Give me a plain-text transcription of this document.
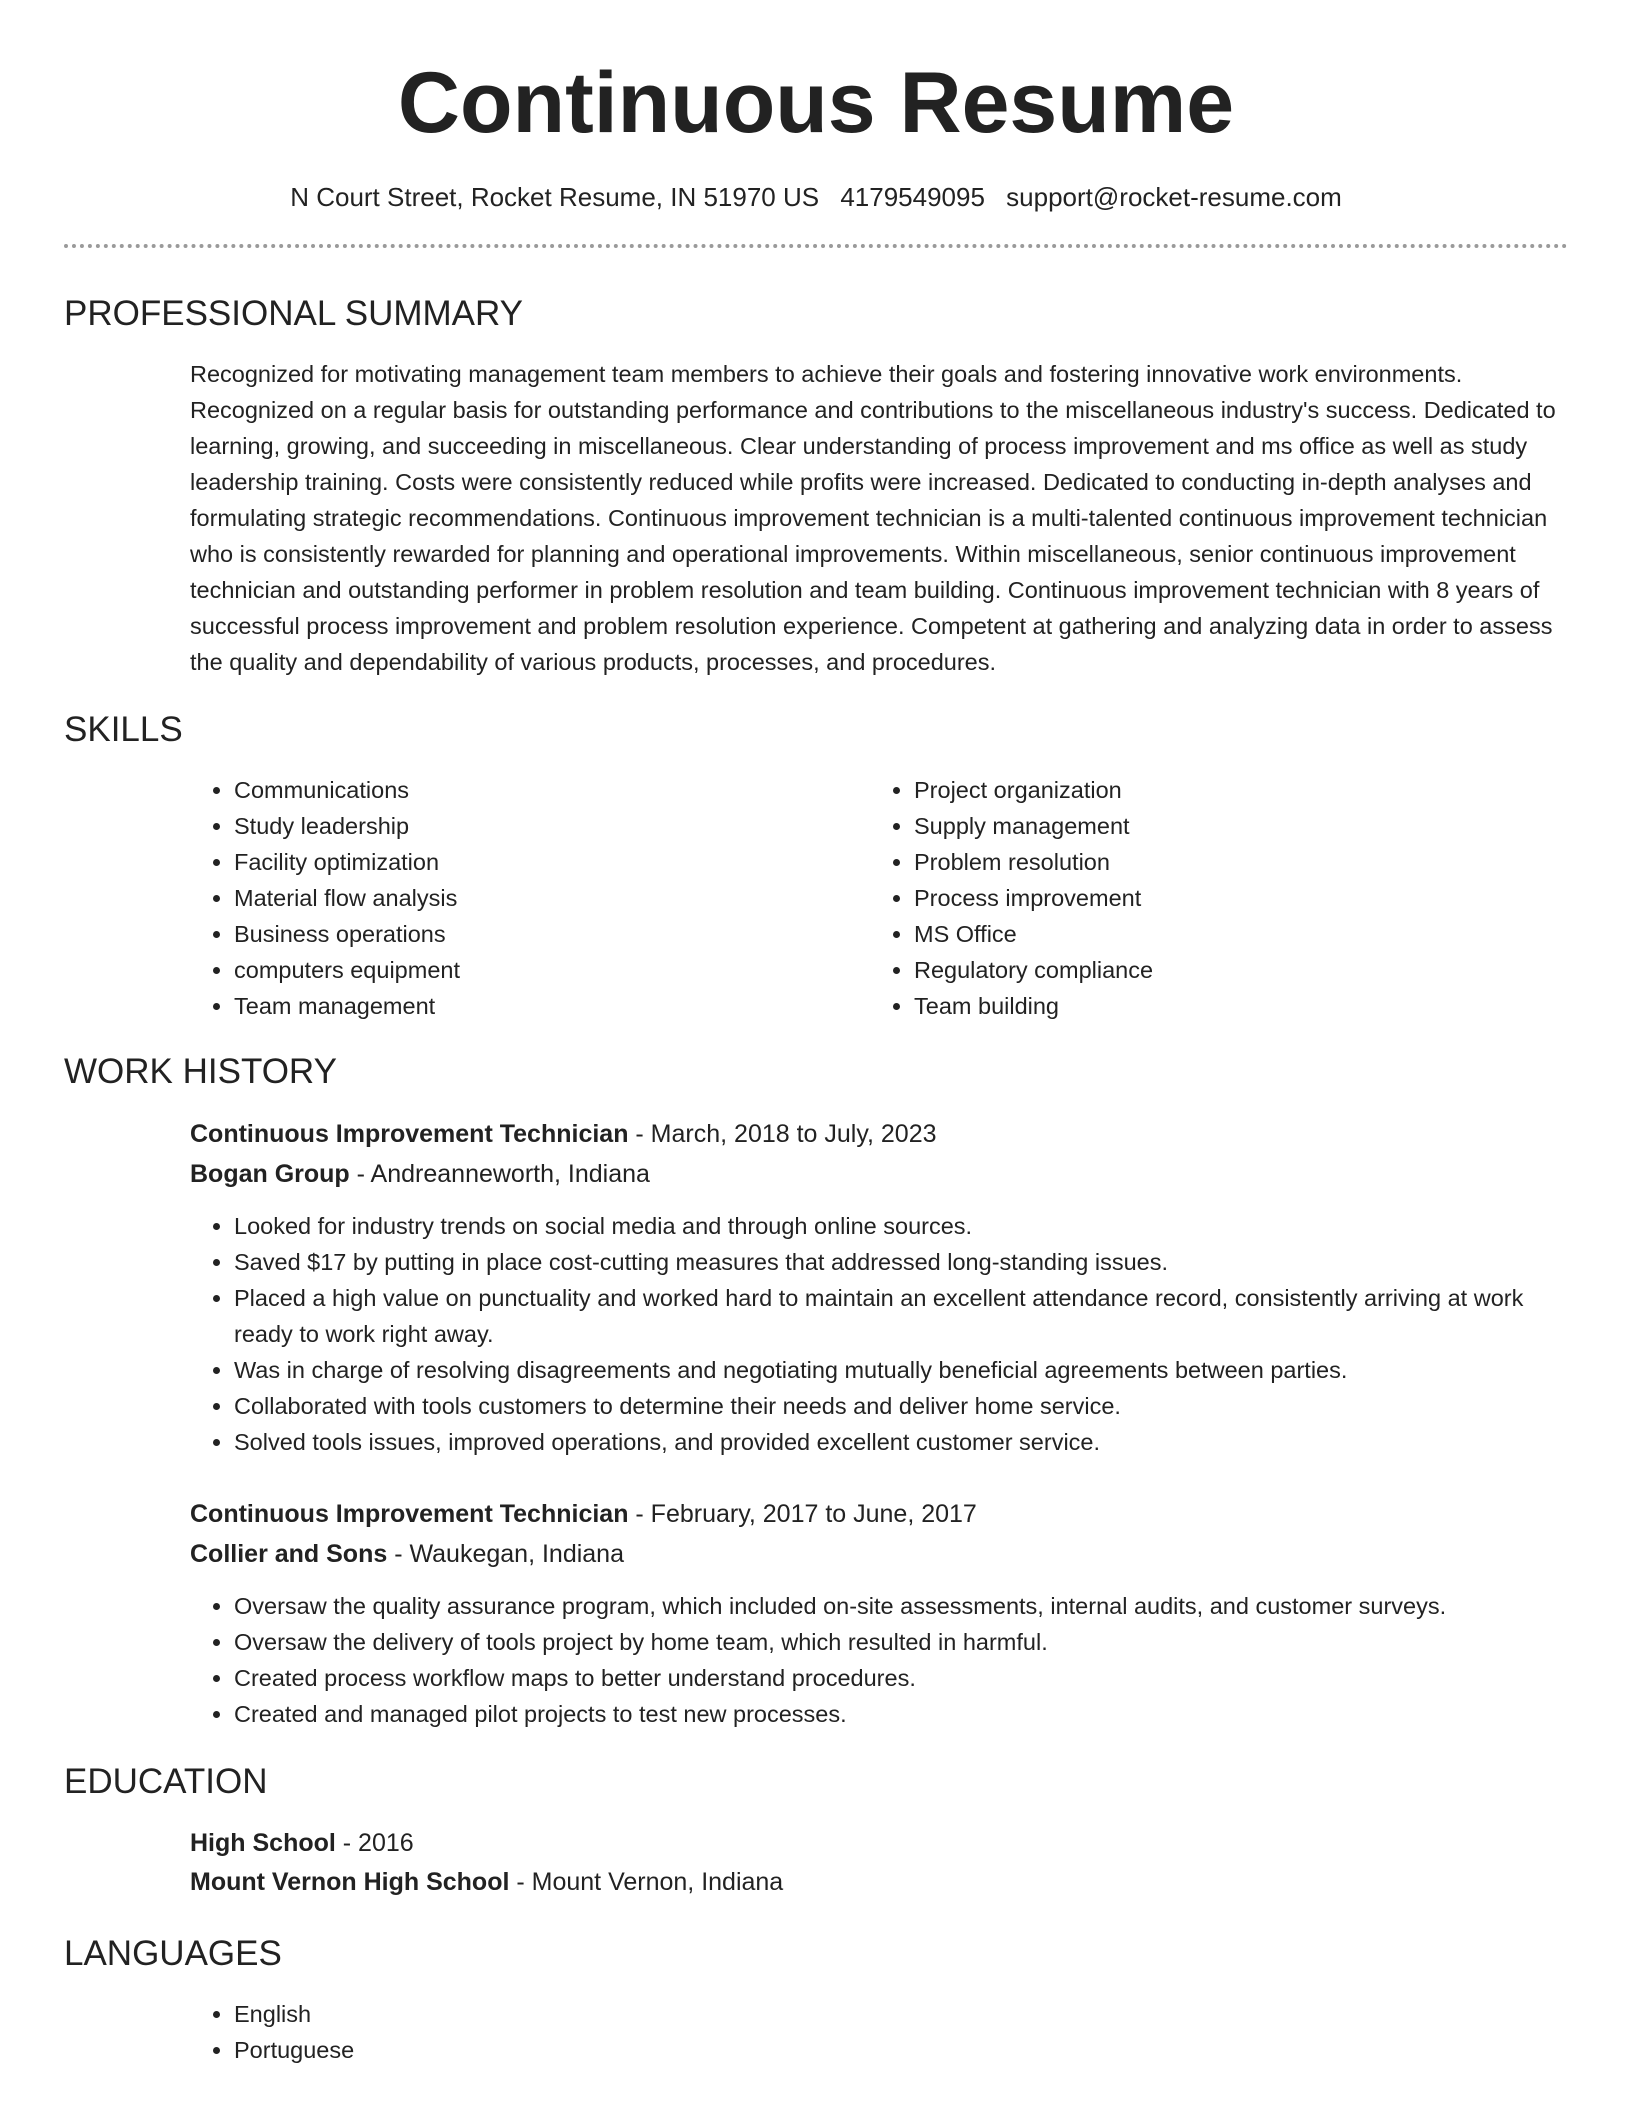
Continuous Resume
N Court Street, Rocket Resume, IN 51970 US 4179549095 support@rocket-resume.com
PROFESSIONAL SUMMARY
Recognized for motivating management team members to achieve their goals and fostering innovative work environments. Recognized on a regular basis for outstanding performance and contributions to the miscellaneous industry's success. Dedicated to learning, growing, and succeeding in miscellaneous. Clear understanding of process improvement and ms office as well as study leadership training. Costs were consistently reduced while profits were increased. Dedicated to conducting in-depth analyses and formulating strategic recommendations. Continuous improvement technician is a multi-talented continuous improvement technician who is consistently rewarded for planning and operational improvements. Within miscellaneous, senior continuous improvement technician and outstanding performer in problem resolution and team building. Continuous improvement technician with 8 years of successful process improvement and problem resolution experience. Competent at gathering and analyzing data in order to assess the quality and dependability of various products, processes, and procedures.
SKILLS
• Communications
• Study leadership
• Facility optimization
• Material flow analysis
• Business operations
• computers equipment
• Team management
• Project organization
• Supply management
• Problem resolution
• Process improvement
• MS Office
• Regulatory compliance
• Team building
WORK HISTORY
Continuous Improvement Technician - March, 2018 to July, 2023
Bogan Group - Andreanneworth, Indiana
• Looked for industry trends on social media and through online sources.
• Saved $17 by putting in place cost-cutting measures that addressed long-standing issues.
• Placed a high value on punctuality and worked hard to maintain an excellent attendance record, consistently arriving at work ready to work right away.
• Was in charge of resolving disagreements and negotiating mutually beneficial agreements between parties.
• Collaborated with tools customers to determine their needs and deliver home service.
• Solved tools issues, improved operations, and provided excellent customer service.
Continuous Improvement Technician - February, 2017 to June, 2017
Collier and Sons - Waukegan, Indiana
• Oversaw the quality assurance program, which included on-site assessments, internal audits, and customer surveys.
• Oversaw the delivery of tools project by home team, which resulted in harmful.
• Created process workflow maps to better understand procedures.
• Created and managed pilot projects to test new processes.
EDUCATION
High School - 2016
Mount Vernon High School - Mount Vernon, Indiana
LANGUAGES
• English
• Portuguese
